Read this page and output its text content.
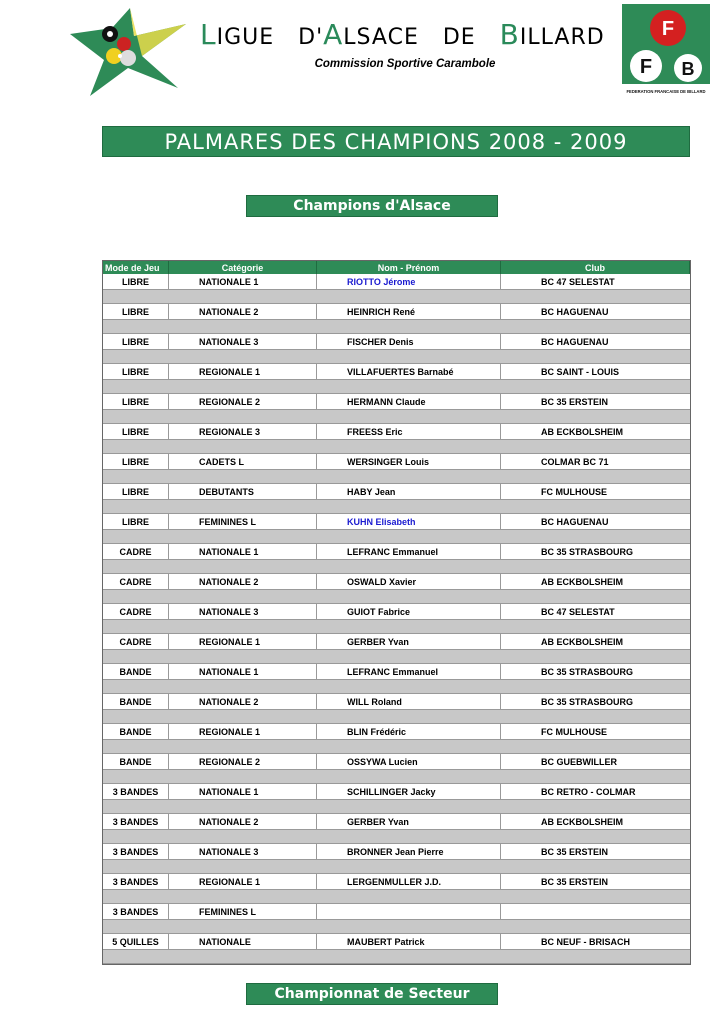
LIGUE D'ALSACE DE BILLARD
Commission Sportive Carambole
F
F B
FEDERATION FRANCAISE DE BILLARD
PALMARES DES CHAMPIONS 2008 - 2009
Champions d'Alsace
Mode de Jeu	Catégorie	Nom - Prénom	Club
LIBRE	NATIONALE 1	RIOTTO Jérome	BC 47 SELESTAT
LIBRE	NATIONALE 2	HEINRICH René	BC HAGUENAU
LIBRE	NATIONALE 3	FISCHER Denis	BC HAGUENAU
LIBRE	REGIONALE 1	VILLAFUERTES Barnabé	BC SAINT - LOUIS
LIBRE	REGIONALE 2	HERMANN Claude	BC 35 ERSTEIN
LIBRE	REGIONALE 3	FREESS Eric	AB ECKBOLSHEIM
LIBRE	CADETS L	WERSINGER Louis	COLMAR BC 71
LIBRE	DEBUTANTS	HABY Jean	FC MULHOUSE
LIBRE	FEMININES L	KUHN Elisabeth	BC HAGUENAU
CADRE	NATIONALE 1	LEFRANC Emmanuel	BC 35 STRASBOURG
CADRE	NATIONALE 2	OSWALD Xavier	AB ECKBOLSHEIM
CADRE	NATIONALE 3	GUIOT Fabrice	BC 47 SELESTAT
CADRE	REGIONALE 1	GERBER Yvan	AB ECKBOLSHEIM
BANDE	NATIONALE 1	LEFRANC Emmanuel	BC 35 STRASBOURG
BANDE	NATIONALE 2	WILL Roland	BC 35 STRASBOURG
BANDE	REGIONALE 1	BLIN Frédéric	FC MULHOUSE
BANDE	REGIONALE 2	OSSYWA Lucien	BC GUEBWILLER
3 BANDES	NATIONALE 1	SCHILLINGER Jacky	BC RETRO - COLMAR
3 BANDES	NATIONALE 2	GERBER Yvan	AB ECKBOLSHEIM
3 BANDES	NATIONALE 3	BRONNER Jean Pierre	BC 35 ERSTEIN
3 BANDES	REGIONALE 1	LERGENMULLER J.D.	BC 35 ERSTEIN
3 BANDES	FEMININES L
5 QUILLES	NATIONALE	MAUBERT Patrick	BC NEUF - BRISACH
Championnat de Secteur
